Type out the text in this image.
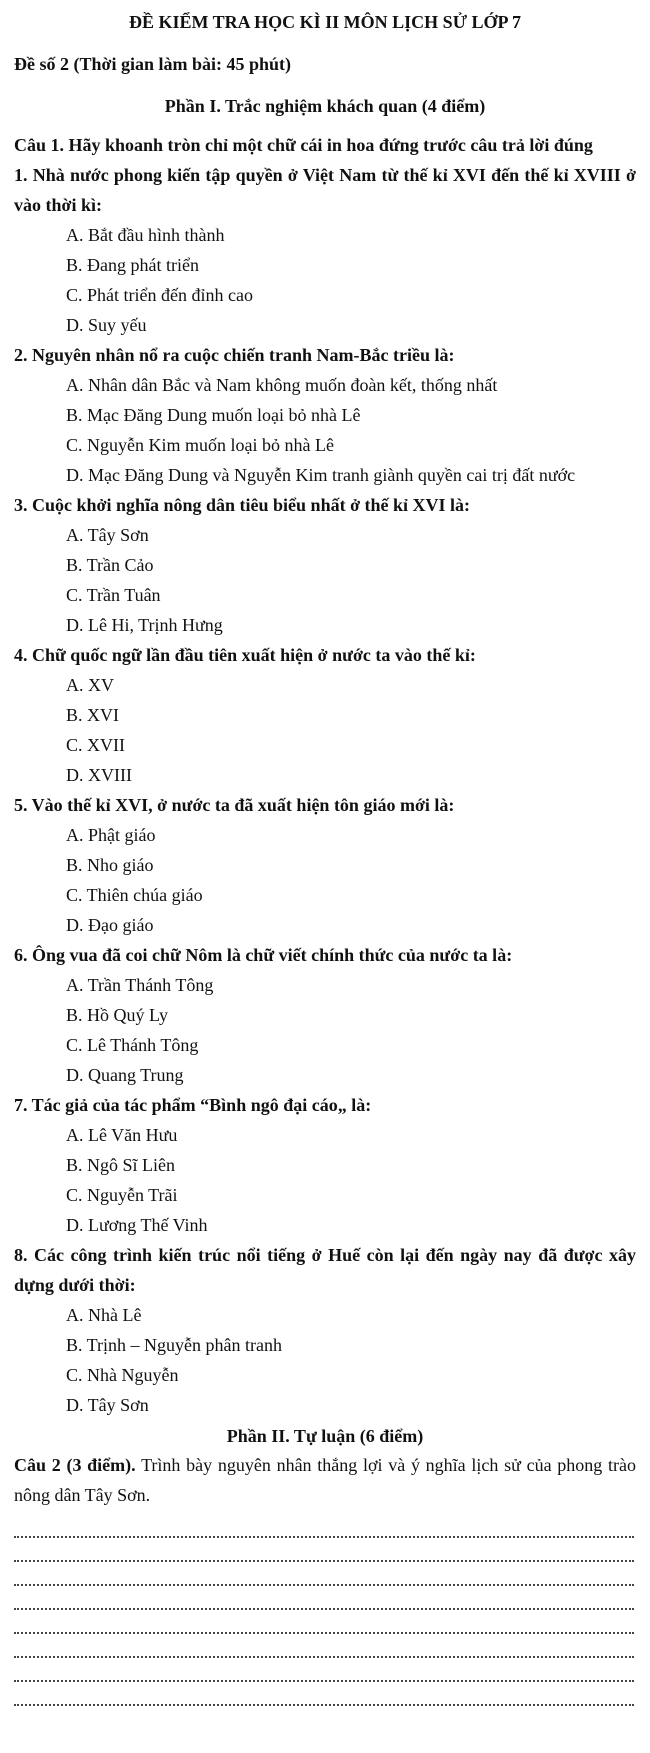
ĐỀ KIỂM TRA HỌC KÌ II MÔN LỊCH SỬ LỚP 7
Đề số 2 (Thời gian làm bài: 45 phút)
Phần I. Trắc nghiệm khách quan (4 điểm)
Câu 1. Hãy khoanh tròn chỉ một chữ cái in hoa đứng trước câu trả lời đúng
1. Nhà nước phong kiến tập quyền ở Việt Nam từ thế kỉ XVI đến thế kỉ XVIII ở vào thời kì:
A. Bắt đầu hình thành
B. Đang phát triển
C. Phát triển đến đỉnh cao
D. Suy yếu
2. Nguyên nhân nổ ra cuộc chiến tranh Nam-Bắc triều là:
A. Nhân dân Bắc và Nam không muốn đoàn kết, thống nhất
B. Mạc Đăng Dung muốn loại bỏ nhà Lê
C. Nguyễn Kim muốn loại bỏ nhà Lê
D. Mạc Đăng Dung và Nguyễn Kim tranh giành quyền cai trị đất nước
3. Cuộc khởi nghĩa nông dân tiêu biểu nhất ở thế kỉ XVI là:
A. Tây Sơn
B. Trần Cảo
C. Trần Tuân
D. Lê Hi, Trịnh Hưng
4. Chữ quốc ngữ lần đầu tiên xuất hiện ở nước ta vào thế kỉ:
A. XV
B. XVI
C. XVII
D. XVIII
5. Vào thế kỉ XVI, ở nước ta đã xuất hiện tôn giáo mới là:
A. Phật giáo
B. Nho giáo
C. Thiên chúa giáo
D. Đạo giáo
6. Ông vua đã coi chữ Nôm là chữ viết chính thức của nước ta là:
A. Trần Thánh Tông
B. Hồ Quý Ly
C. Lê Thánh Tông
D. Quang Trung
7. Tác giả của tác phẩm “Bình ngô đại cáo„ là:
A. Lê Văn Hưu
B. Ngô Sĩ Liên
C. Nguyễn Trãi
D. Lương Thế Vinh
8. Các công trình kiến trúc nổi tiếng ở Huế còn lại đến ngày nay đã được xây dựng dưới thời:
A. Nhà Lê
B. Trịnh – Nguyễn phân tranh
C. Nhà Nguyễn
D. Tây Sơn
Phần II. Tự luận (6 điểm)

Câu 2 (3 điểm). Trình bày nguyên nhân thắng lợi và ý nghĩa lịch sử của phong trào nông dân Tây Sơn.
